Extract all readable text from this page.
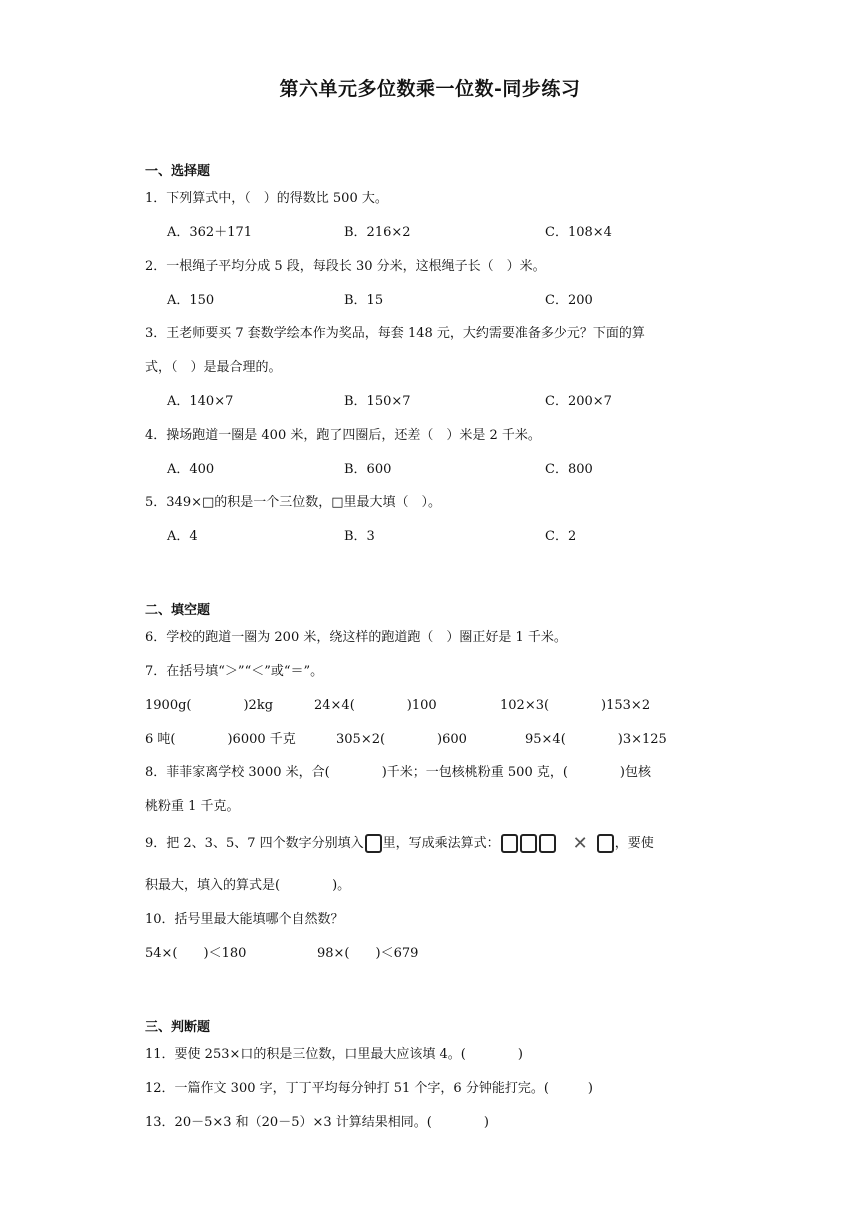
第六单元多位数乘一位数-同步练习
一、选择题
1．下列算式中，（　）的得数比 500 大。
A．362＋171	B．216×2	C．108×4
2．一根绳子平均分成 5 段，每段长 30 分米，这根绳子长（　）米。
A．150	B．15	C．200
3．王老师要买 7 套数学绘本作为奖品，每套 148 元，大约需要准备多少元？下面的算
式，（　）是最合理的。
A．140×7	B．150×7	C．200×7
4．操场跑道一圈是 400 米，跑了四圈后，还差（　）米是 2 千米。
A．400	B．600	C．800
5．349×□的积是一个三位数，□里最大填（　）。
A．4	B．3	C．2
二、填空题
6．学校的跑道一圈为 200 米，绕这样的跑道跑（　）圈正好是 1 千米。
7．在括号填“＞”“＜”或“＝”。
1900g(　　　　)2kg	24×4(　　　　)100	102×3(　　　　)153×2
6 吨(　　　　)6000 千克	305×2(　　　　)600	95×4(　　　　)3×125
8．菲菲家离学校 3000 米，合(　　　　)千米；一包核桃粉重 500 克，(　　　　)包核
桃粉重 1 千克。
9．把 2、3、5、7 四个数字分别填入 里，写成乘法算式：	✕ ，要使
积最大，填入的算式是(　　　　)。
10．括号里最大能填哪个自然数？
54×(　　)＜180	98×(　　)＜679
三、判断题
11．要使 253×口的积是三位数，口里最大应该填 4。(　　　　)
12．一篇作文 300 字，丁丁平均每分钟打 51 个字，6 分钟能打完。(　　　)
13．20－5×3 和（20－5）×3 计算结果相同。(　　　　)
